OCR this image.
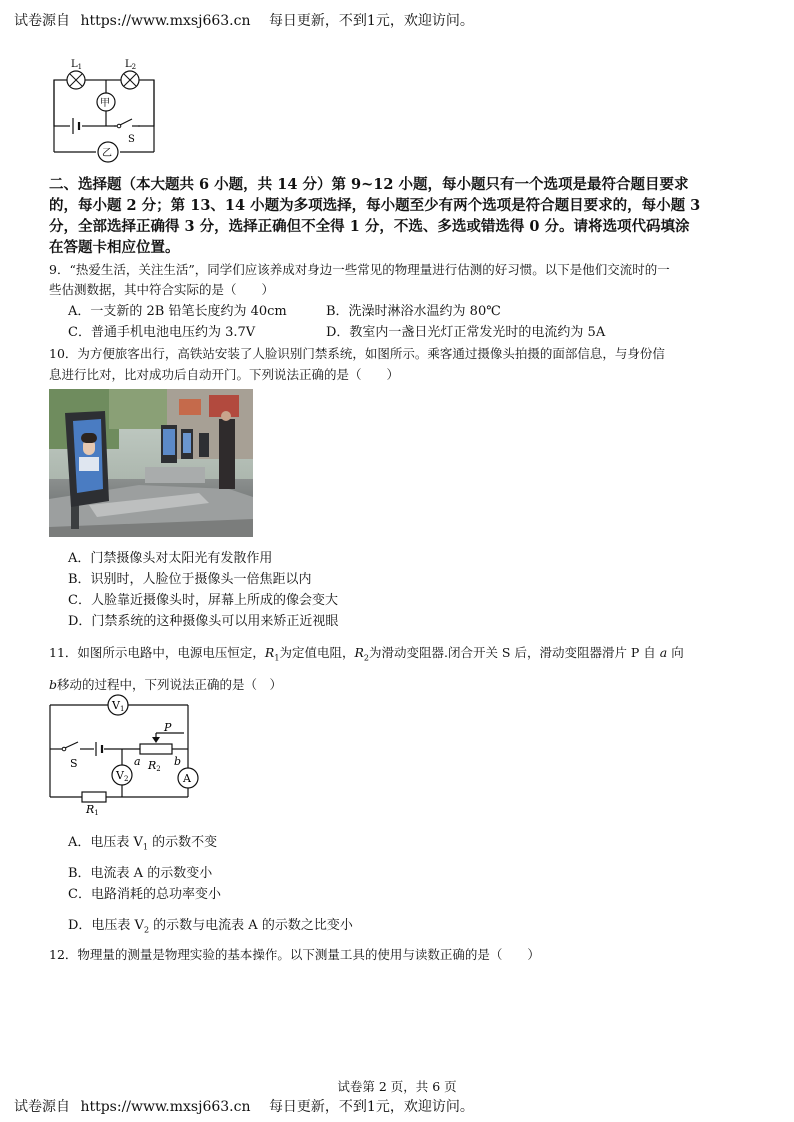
试卷源自 https://www.mxsj663.cn 每日更新，不到1元，欢迎访问。
$L_1$	$L_2$
甲
乙
S
二、选择题（本大题共 6 小题，共 14 分）第 9~12 小题，每小题只有一个选项是最符合题目要求
的，每小题 2 分；第 13、14 小题为多项选择，每小题至少有两个选项是符合题目要求的，每小题 3
分，全部选择正确得 3 分，选择正确但不全得 1 分，不选、多选或错选得 0 分。请将选项代码填涂
在答题卡相应位置。
9．“热爱生活，关注生活”，同学们应该养成对身边一些常见的物理量进行估测的好习惯。以下是他们交流时的一
些估测数据，其中符合实际的是（　　）
A．一支新的 2B 铅笔长度约为 40cm	B．洗澡时淋浴水温约为 80℃
C．普通手机电池电压约为 3.7V	D．教室内一盏日光灯正常发光时的电流约为 5A
10．为方便旅客出行，高铁站安装了人脸识别门禁系统，如图所示。乘客通过摄像头拍摄的面部信息，与身份信
息进行比对，比对成功后自动开门。下列说法正确的是（　　）
A．门禁摄像头对太阳光有发散作用
B．识别时，人脸位于摄像头一倍焦距以内
C．人脸靠近摄像头时，屏幕上所成的像会变大
D．门禁系统的这种摄像头可以用来矫正近视眼
11．如图所示电路中，电源电压恒定，$R_1$为定值电阻，$R_2$为滑动变阻器.闭合开关 S 后，滑动变阻器滑片 P 自 a 向
b移动的过程中，下列说法正确的是（　）
V1
V2	A
P
a	b
R2
S
R1
A．电压表 $V_1$ 的示数不变
B．电流表 A 的示数变小
C．电路消耗的总功率变小
D．电压表 $V_2$ 的示数与电流表 A 的示数之比变小
12．物理量的测量是物理实验的基本操作。以下测量工具的使用与读数正确的是（　　）
试卷第 2 页，共 6 页
试卷源自 https://www.mxsj663.cn 每日更新，不到1元，欢迎访问。
